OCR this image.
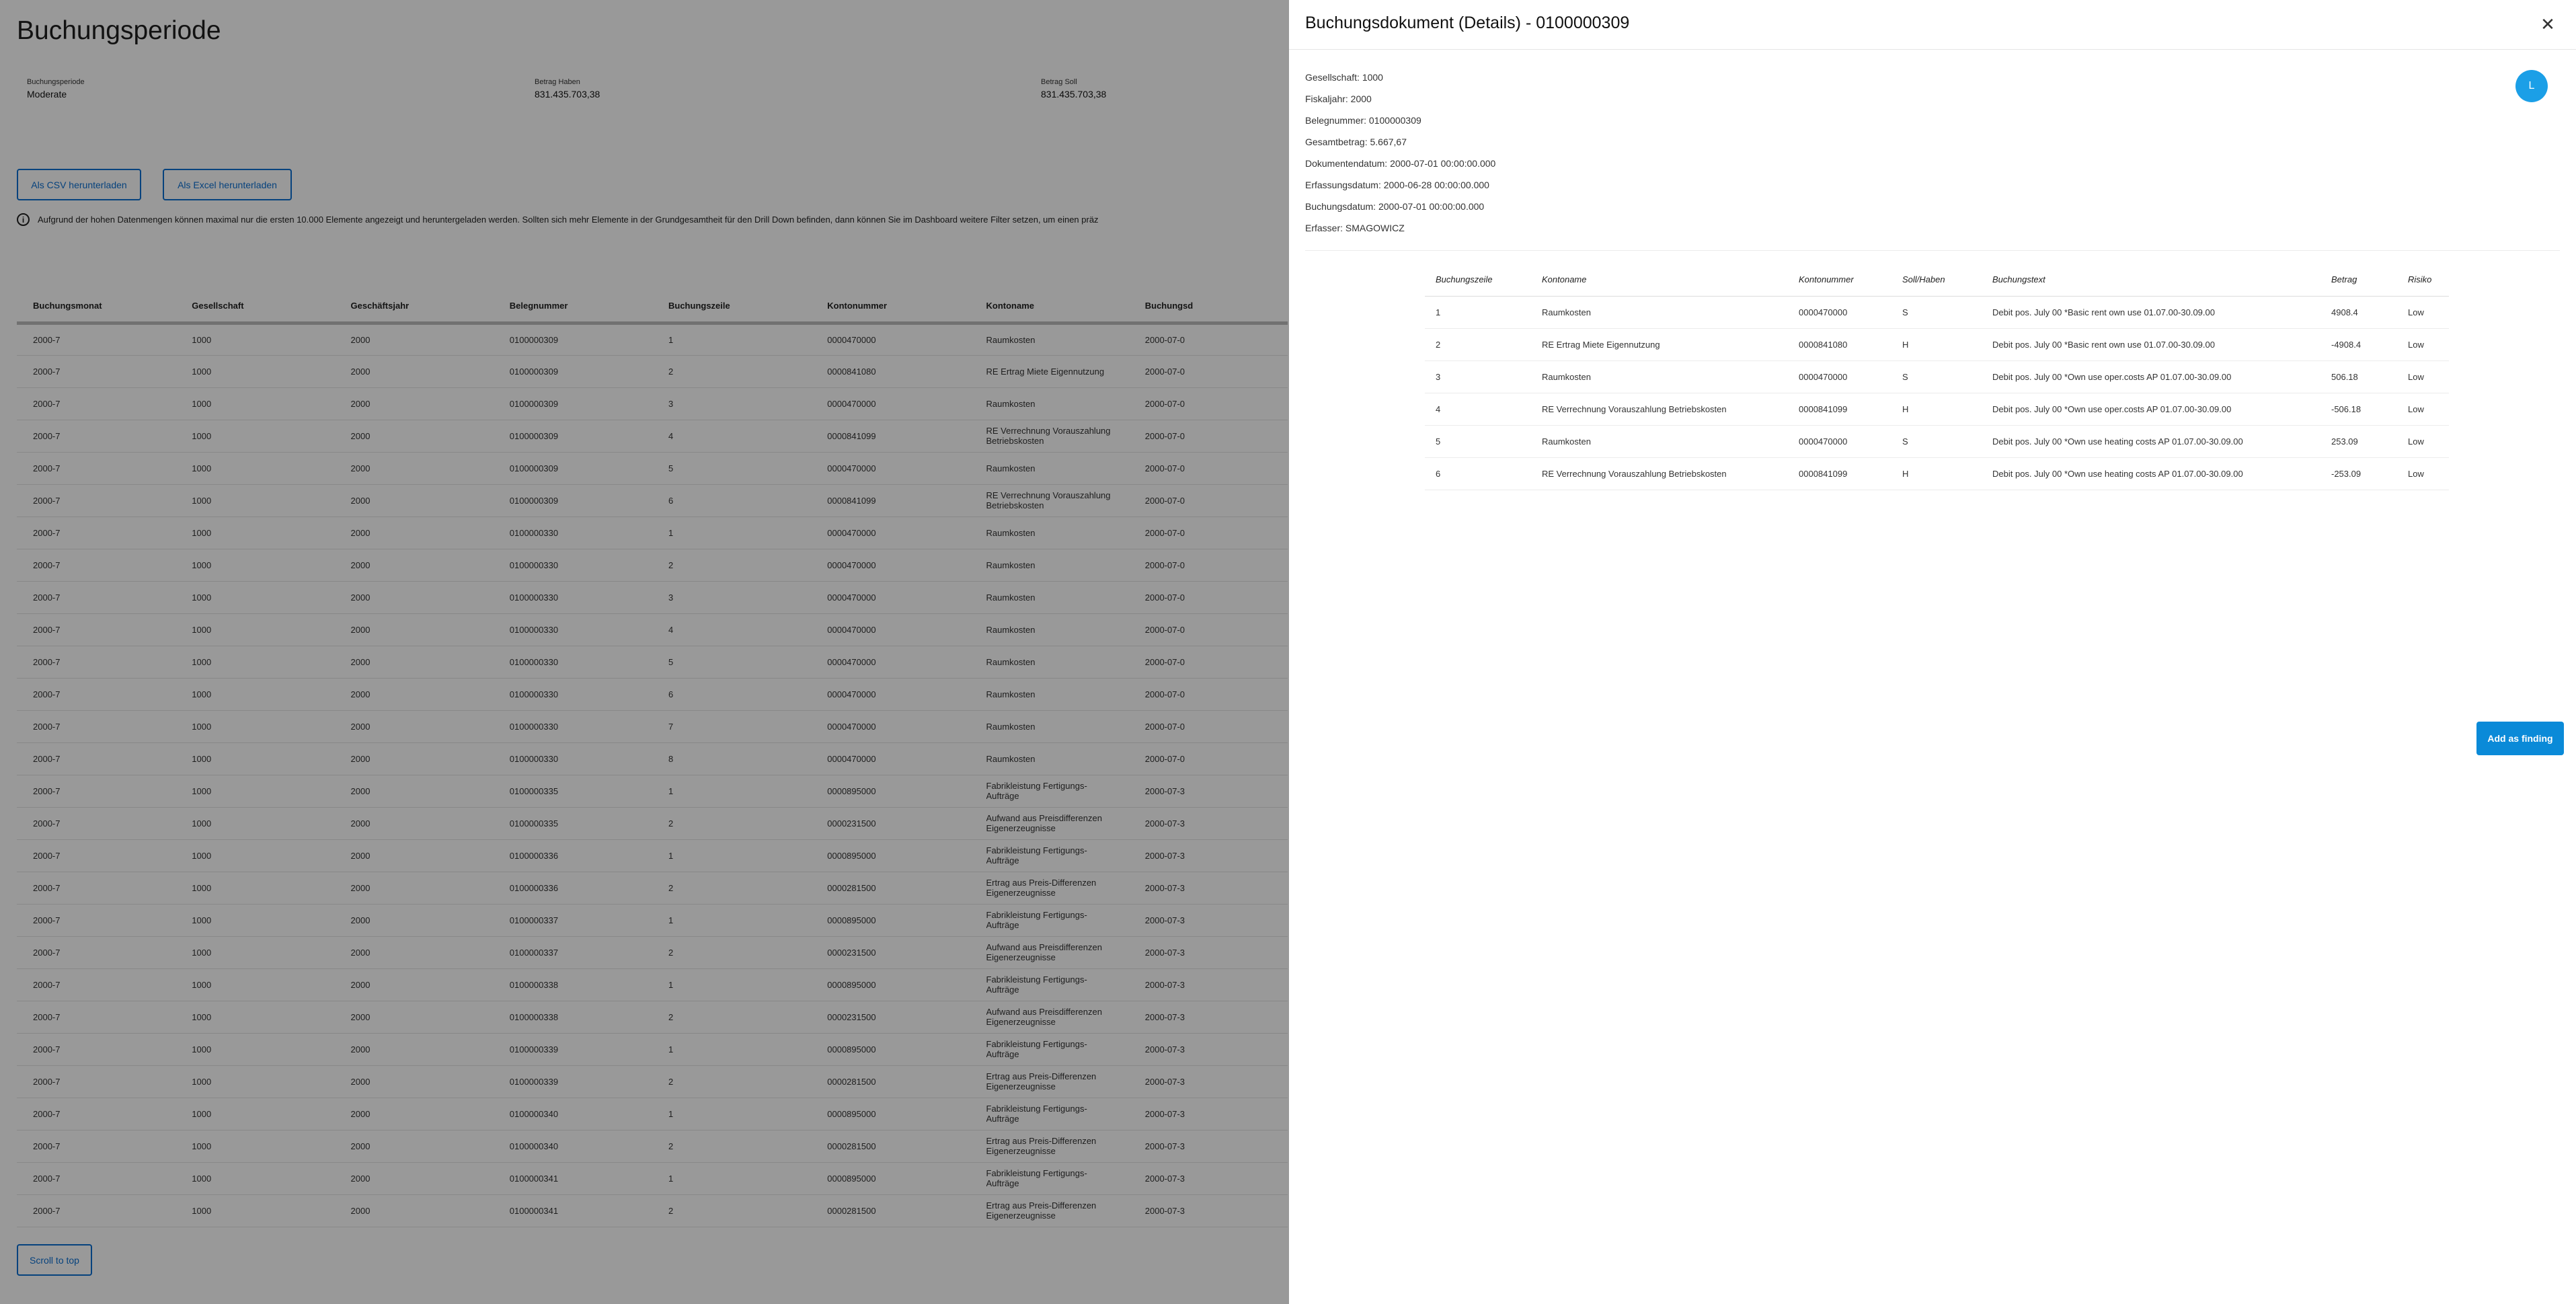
Buchungsperiode
Buchungsperiode
Moderate
Betrag Haben
831.435.703,38
Betrag Soll
831.435.703,38
Als CSV herunterladen	Als Excel herunterladen
i	Aufgrund der hohen Datenmengen können maximal nur die ersten 10.000 Elemente angezeigt und heruntergeladen werden. Sollten sich mehr Elemente in der Grundgesamtheit für den Drill Down befinden, dann können Sie im Dashboard weitere Filter setzen, um einen präz
Buchungsmonat	Gesellschaft	Geschäftsjahr	Belegnummer	Buchungszeile	Kontonummer	Kontoname	Buchungsd
2000-7	1000	2000	0100000309	1	0000470000	Raumkosten	2000-07-0
2000-7	1000	2000	0100000309	2	0000841080	RE Ertrag Miete Eigennutzung	2000-07-0
2000-7	1000	2000	0100000309	3	0000470000	Raumkosten	2000-07-0
2000-7	1000	2000	0100000309	4	0000841099	RE Verrechnung Vorauszahlung Betriebskosten	2000-07-0
2000-7	1000	2000	0100000309	5	0000470000	Raumkosten	2000-07-0
2000-7	1000	2000	0100000309	6	0000841099	RE Verrechnung Vorauszahlung Betriebskosten	2000-07-0
2000-7	1000	2000	0100000330	1	0000470000	Raumkosten	2000-07-0
2000-7	1000	2000	0100000330	2	0000470000	Raumkosten	2000-07-0
2000-7	1000	2000	0100000330	3	0000470000	Raumkosten	2000-07-0
2000-7	1000	2000	0100000330	4	0000470000	Raumkosten	2000-07-0
2000-7	1000	2000	0100000330	5	0000470000	Raumkosten	2000-07-0
2000-7	1000	2000	0100000330	6	0000470000	Raumkosten	2000-07-0
2000-7	1000	2000	0100000330	7	0000470000	Raumkosten	2000-07-0
2000-7	1000	2000	0100000330	8	0000470000	Raumkosten	2000-07-0
2000-7	1000	2000	0100000335	1	0000895000	Fabrikleistung Fertigungs-Aufträge	2000-07-3
2000-7	1000	2000	0100000335	2	0000231500	Aufwand aus Preisdifferenzen Eigenerzeugnisse	2000-07-3
2000-7	1000	2000	0100000336	1	0000895000	Fabrikleistung Fertigungs-Aufträge	2000-07-3
2000-7	1000	2000	0100000336	2	0000281500	Ertrag aus Preis-Differenzen Eigenerzeugnisse	2000-07-3
2000-7	1000	2000	0100000337	1	0000895000	Fabrikleistung Fertigungs-Aufträge	2000-07-3
2000-7	1000	2000	0100000337	2	0000231500	Aufwand aus Preisdifferenzen Eigenerzeugnisse	2000-07-3
2000-7	1000	2000	0100000338	1	0000895000	Fabrikleistung Fertigungs-Aufträge	2000-07-3
2000-7	1000	2000	0100000338	2	0000231500	Aufwand aus Preisdifferenzen Eigenerzeugnisse	2000-07-3
2000-7	1000	2000	0100000339	1	0000895000	Fabrikleistung Fertigungs-Aufträge	2000-07-3
2000-7	1000	2000	0100000339	2	0000281500	Ertrag aus Preis-Differenzen Eigenerzeugnisse	2000-07-3
2000-7	1000	2000	0100000340	1	0000895000	Fabrikleistung Fertigungs-Aufträge	2000-07-3
2000-7	1000	2000	0100000340	2	0000281500	Ertrag aus Preis-Differenzen Eigenerzeugnisse	2000-07-3
2000-7	1000	2000	0100000341	1	0000895000	Fabrikleistung Fertigungs-Aufträge	2000-07-3
2000-7	1000	2000	0100000341	2	0000281500	Ertrag aus Preis-Differenzen Eigenerzeugnisse	2000-07-3
Scroll to top
Buchungsdokument (Details) - 0100000309	✕
Gesellschaft: 1000
Fiskaljahr: 2000
Belegnummer: 0100000309
Gesamtbetrag: 5.667,67
Dokumentendatum: 2000-07-01 00:00:00.000
Erfassungsdatum: 2000-06-28 00:00:00.000
Buchungsdatum: 2000-07-01 00:00:00.000
Erfasser: SMAGOWICZ
L
Buchungszeile	Kontoname	Kontonummer	Soll/Haben	Buchungstext	Betrag	Risiko
1	Raumkosten	0000470000	S	Debit pos. July 00 *Basic rent own use 01.07.00-30.09.00	4908.4	Low
2	RE Ertrag Miete Eigennutzung	0000841080	H	Debit pos. July 00 *Basic rent own use 01.07.00-30.09.00	-4908.4	Low
3	Raumkosten	0000470000	S	Debit pos. July 00 *Own use oper.costs AP 01.07.00-30.09.00	506.18	Low
4	RE Verrechnung Vorauszahlung Betriebskosten	0000841099	H	Debit pos. July 00 *Own use oper.costs AP 01.07.00-30.09.00	-506.18	Low
5	Raumkosten	0000470000	S	Debit pos. July 00 *Own use heating costs AP 01.07.00-30.09.00	253.09	Low
6	RE Verrechnung Vorauszahlung Betriebskosten	0000841099	H	Debit pos. July 00 *Own use heating costs AP 01.07.00-30.09.00	-253.09	Low
Add as finding
